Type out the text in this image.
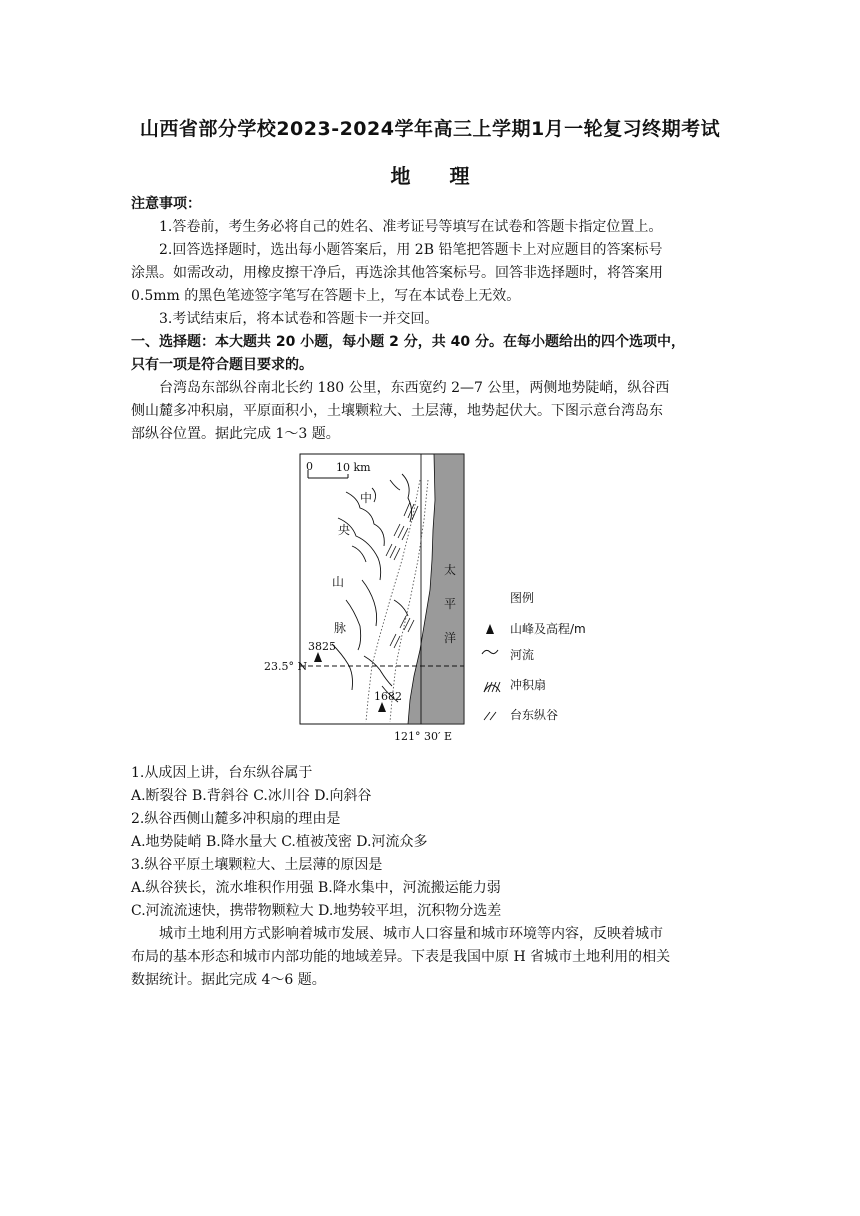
山西省部分学校2023-2024学年高三上学期1月一轮复习终期考试
地 理
注意事项：
1.答卷前，考生务必将自己的姓名、准考证号等填写在试卷和答题卡指定位置上。
2.回答选择题时，选出每小题答案后，用 2B 铅笔把答题卡上对应题目的答案标号
涂黑。如需改动，用橡皮擦干净后，再选涂其他答案标号。回答非选择题时，将答案用
0.5mm 的黑色笔迹签字笔写在答题卡上，写在本试卷上无效。
3.考试结束后，将本试卷和答题卡一并交回。
一、选择题：本大题共 20 小题，每小题 2 分，共 40 分。在每小题给出的四个选项中，
只有一项是符合题目要求的。
台湾岛东部纵谷南北长约 180 公里，东西宽约 2—7 公里，两侧地势陡峭，纵谷西
侧山麓多冲积扇，平原面积小，土壤颗粒大、土层薄，地势起伏大。下图示意台湾岛东
部纵谷位置。据此完成 1～3 题。
0 10 km
中
央
山
脉
太
平
洋
3825
1682
23.5° N
121° 30′ E
图例
山峰及高程/m
河流
冲积扇
台东纵谷
1.从成因上讲，台东纵谷属于
A.断裂谷 B.背斜谷 C.冰川谷 D.向斜谷
2.纵谷西侧山麓多冲积扇的理由是
A.地势陡峭 B.降水量大 C.植被茂密 D.河流众多
3.纵谷平原土壤颗粒大、土层薄的原因是
A.纵谷狭长，流水堆积作用强 B.降水集中，河流搬运能力弱
C.河流流速快，携带物颗粒大 D.地势较平坦，沉积物分选差
城市土地利用方式影响着城市发展、城市人口容量和城市环境等内容，反映着城市
布局的基本形态和城市内部功能的地域差异。下表是我国中原 H 省城市土地利用的相关
数据统计。据此完成 4～6 题。
